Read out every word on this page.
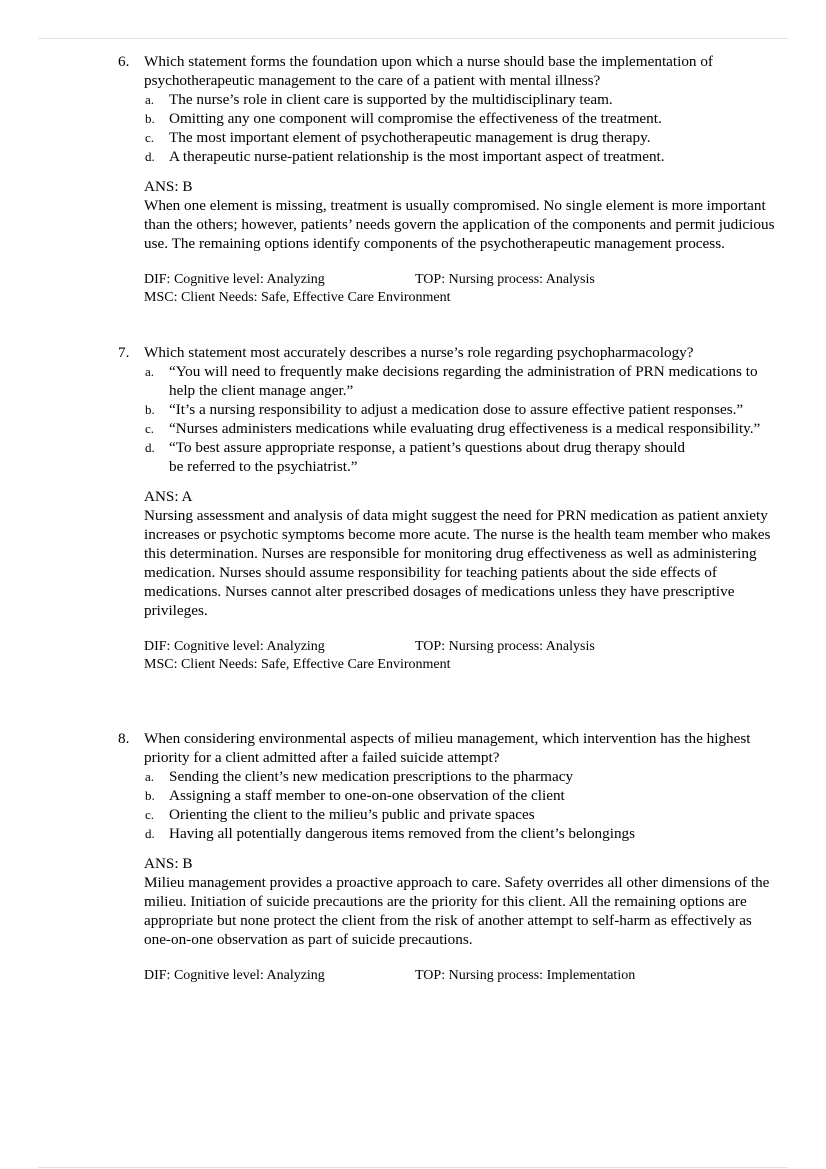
6. Which statement forms the foundation upon which a nurse should base the implementation of psychotherapeutic management to the care of a patient with mental illness?
a. The nurse’s role in client care is supported by the multidisciplinary team.
b. Omitting any one component will compromise the effectiveness of the treatment.
c. The most important element of psychotherapeutic management is drug therapy.
d. A therapeutic nurse-patient relationship is the most important aspect of treatment.
ANS: B
When one element is missing, treatment is usually compromised. No single element is more important than the others; however, patients’ needs govern the application of the components and permit judicious use. The remaining options identify components of the psychotherapeutic management process.
DIF: Cognitive level: Analyzing	TOP: Nursing process: Analysis
MSC: Client Needs: Safe, Effective Care Environment
7. Which statement most accurately describes a nurse’s role regarding psychopharmacology?
a. “You will need to frequently make decisions regarding the administration of PRN medications to help the client manage anger.”
b. “It’s a nursing responsibility to adjust a medication dose to assure effective patient responses.”
c. “Nurses administers medications while evaluating drug effectiveness is a medical responsibility.”
d. “To best assure appropriate response, a patient’s questions about drug therapy should be referred to the psychiatrist.”
ANS: A
Nursing assessment and analysis of data might suggest the need for PRN medication as patient anxiety increases or psychotic symptoms become more acute. The nurse is the health team member who makes this determination. Nurses are responsible for monitoring drug effectiveness as well as administering medication. Nurses should assume responsibility for teaching patients about the side effects of medications. Nurses cannot alter prescribed dosages of medications unless they have prescriptive privileges.
DIF: Cognitive level: Analyzing	TOP: Nursing process: Analysis
MSC: Client Needs: Safe, Effective Care Environment
8. When considering environmental aspects of milieu management, which intervention has the highest priority for a client admitted after a failed suicide attempt?
a. Sending the client’s new medication prescriptions to the pharmacy
b. Assigning a staff member to one-on-one observation of the client
c. Orienting the client to the milieu’s public and private spaces
d. Having all potentially dangerous items removed from the client’s belongings
ANS: B
Milieu management provides a proactive approach to care. Safety overrides all other dimensions of the milieu. Initiation of suicide precautions are the priority for this client. All the remaining options are appropriate but none protect the client from the risk of another attempt to self-harm as effectively as one-on-one observation as part of suicide precautions.
DIF: Cognitive level: Analyzing	TOP: Nursing process: Implementation
